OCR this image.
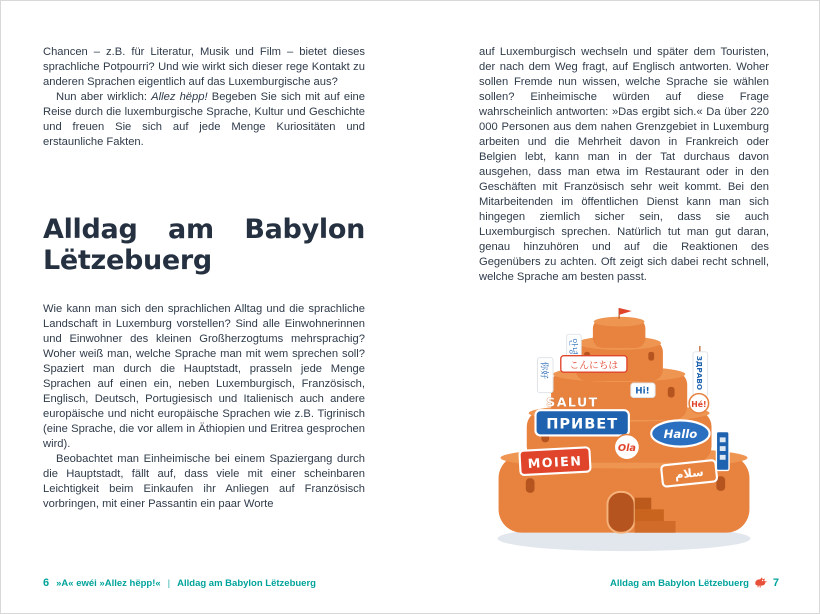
Chancen – z.B. für Literatur, Musik und Film – bietet dieses sprachliche Potpourri? Und wie wirkt sich dieser rege Kontakt zu anderen Sprachen eigentlich auf das Luxemburgische aus?

Nun aber wirklich: Allez hëpp! Begeben Sie sich mit auf eine Reise durch die luxemburgische Sprache, Kultur und Geschichte und freuen Sie sich auf jede Menge Kuriositäten und erstaunliche Fakten.

Alldag am Babylon Lëtzebuerg

Wie kann man sich den sprachlichen Alltag und die sprachliche Landschaft in Luxemburg vorstellen? Sind alle Einwohnerinnen und Einwohner des kleinen Großherzogtums mehrsprachig? Woher weiß man, welche Sprache man mit wem sprechen soll? Spaziert man durch die Hauptstadt, prasseln jede Menge Sprachen auf einen ein, neben Luxemburgisch, Französisch, Englisch, Deutsch, Portugiesisch und Italienisch auch andere europäische und nicht europäische Sprachen wie z.B. Tigrinisch (eine Sprache, die vor allem in Äthiopien und Eritrea gesprochen wird).

Beobachtet man Einheimische bei einem Spaziergang durch die Hauptstadt, fällt auf, dass viele mit einer scheinbaren Leichtigkeit beim Einkaufen ihr Anliegen auf Französisch vorbringen, mit einer Passantin ein paar Worte

auf Luxemburgisch wechseln und später dem Touristen, der nach dem Weg fragt, auf Englisch antworten. Woher sollen Fremde nun wissen, welche Sprache sie wählen sollen? Einheimische würden auf diese Frage wahrscheinlich antworten: »Das ergibt sich.« Da über 220 000 Personen aus dem nahen Grenzgebiet in Luxemburg arbeiten und die Mehrheit davon in Frankreich oder Belgien lebt, kann man in der Tat durchaus davon ausgehen, dass man etwa im Restaurant oder in den Geschäften mit Französisch sehr weit kommt. Bei den Mitarbeitenden im öffentlichen Dienst kann man sich hingegen ziemlich sicher sein, dass sie auch Luxemburgisch sprechen. Natürlich tut man gut daran, genau hinzuhören und auf die Reaktionen des Gegenübers zu achten. Oft zeigt sich dabei recht schnell, welche Sprache am besten passt.

안녕
你好 こんにちは
Hi!
ЗДРАВО
SALUT	Hé!
ПРИВЕТ
Hallo
Ola
MOIEN
سلام
6 »A« ewéi »Allez hëpp!« | Alldag am Babylon Lëtzebuerg	Alldag am Babylon Lëtzebuerg 7
